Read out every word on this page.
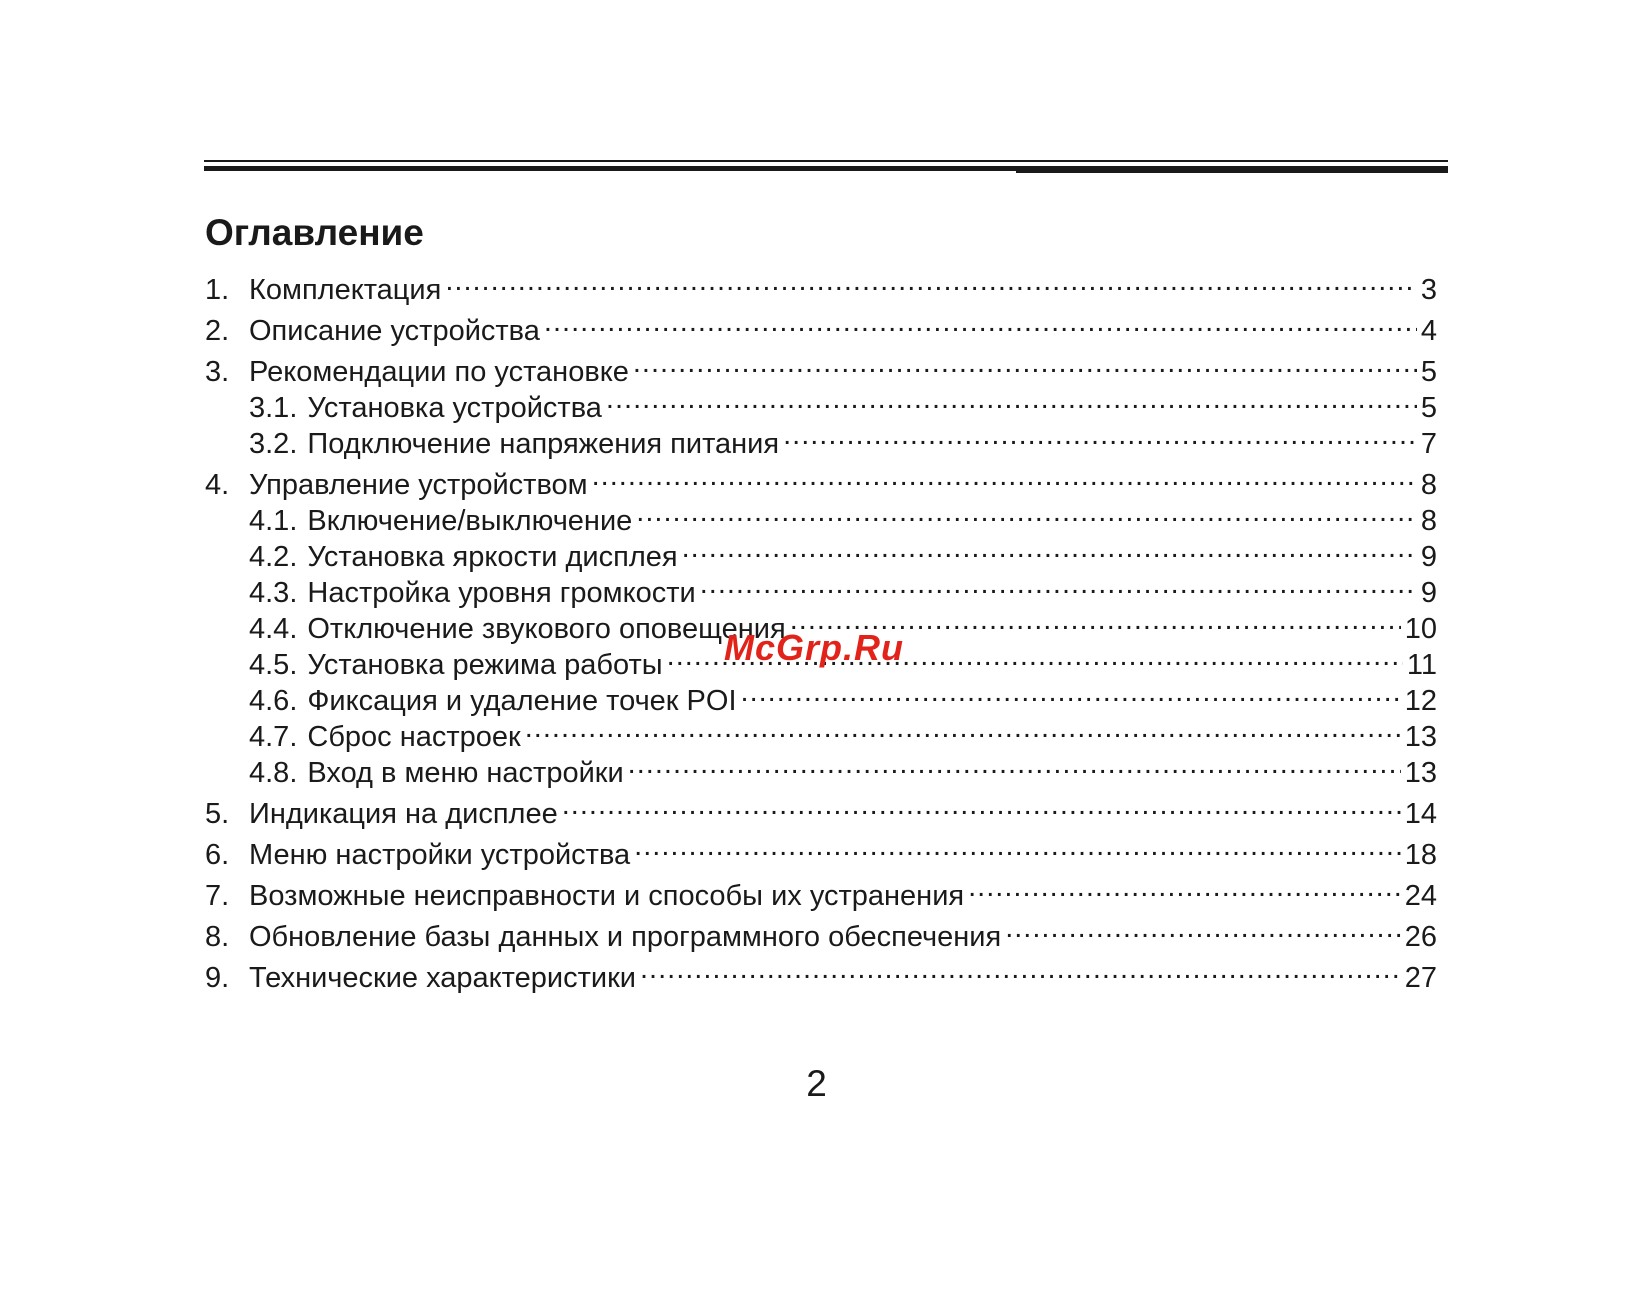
Оглавление
1. Комплектация .....	3
2. Описание устройства .....	4
3. Рекомендации по установке .....	5
3.1. Установка устройства .....	5
3.2. Подключение напряжения питания .....	7
4. Управление устройством .....	8
4.1. Включение/выключение .....	8
4.2. Установка яркости дисплея .....	9
4.3. Настройка уровня громкости .....	9
4.4. Отключение звукового оповещения .....	10
4.5. Установка режима работы .....	11
4.6. Фиксация и удаление точек POI .....	12
4.7. Сброс настроек .....	13
4.8. Вход в меню настройки .....	13
5. Индикация на дисплее .....	14
6. Меню настройки устройства .....	18
7. Возможные неисправности и способы их устранения .....	24
8. Обновление базы данных и программного обеспечения .....	26
9. Технические характеристики .....	27
McGrp.Ru
2
